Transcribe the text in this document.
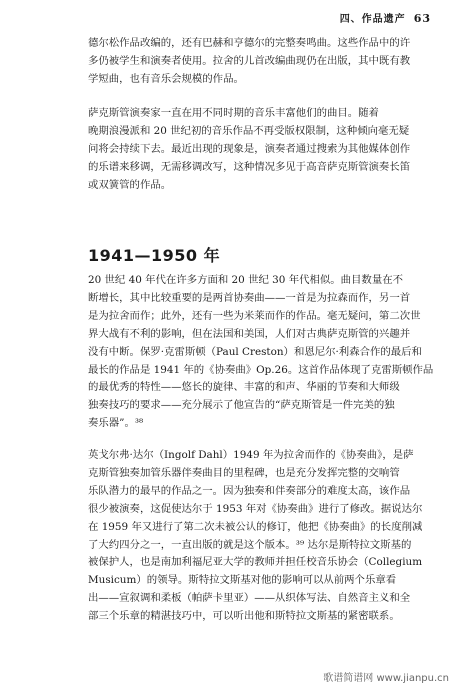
四、作品遗产 63

德尔松作品改编的，还有巴赫和亨德尔的完整奏鸣曲。这些作品中的许
多仍被学生和演奏者使用。拉舍的儿首改编曲现仍在出版，其中既有教
学短曲，也有音乐会规模的作品。

萨克斯管演奏家一直在用不同时期的音乐丰富他们的曲目。随着
晚期浪漫派和 20 世纪初的音乐作品不再受版权限制，这种倾向毫无疑
问将会持续下去。最近出现的现象是，演奏者通过搜索为其他媒体创作
的乐谱来移调，无需移调改写，这种情况多见于高音萨克斯管演奏长笛
或双簧管的作品。

1941—1950 年

20 世纪 40 年代在许多方面和 20 世纪 30 年代相似。曲目数量在不
断增长，其中比较重要的是两首协奏曲——一首是为拉森而作，另一首
是为拉舍而作；此外，还有一些为米莱而作的作品。毫无疑问，第二次世
界大战有不利的影响，但在法国和美国，人们对古典萨克斯管的兴趣并
没有中断。保罗·克雷斯顿（Paul Creston）和恩尼尔·利森合作的最后和
最长的作品是 1941 年的《协奏曲》Op.26。这首作品体现了克雷斯顿作品
的最优秀的特性——悠长的旋律、丰富的和声、华丽的节奏和大师级
独奏技巧的要求——充分展示了他宣告的“萨克斯管是一件完美的独
奏乐器”。³⁸

英戈尔弗·达尔（Ingolf Dahl）1949 年为拉舍而作的《协奏曲》，是萨
克斯管独奏加管乐器伴奏曲目的里程碑，也是充分发挥完整的交响管
乐队潜力的最早的作品之一。因为独奏和伴奏部分的难度太高，该作品
很少被演奏，这促使达尔于 1953 年对《协奏曲》进行了修改。据说达尔
在 1959 年又进行了第二次未被公认的修订，他把《协奏曲》的长度削减
了大约四分之一，一直出版的就是这个版本。³⁹ 达尔是斯特拉文斯基的
被保护人，也是南加利福尼亚大学的教师并担任校音乐协会（Collegium
Musicum）的领导。斯特拉文斯基对他的影响可以从前两个乐章看
出——宣叙调和柔板（帕萨卡里亚）——从织体写法、自然音主义和全
部三个乐章的精湛技巧中，可以听出他和斯特拉文斯基的紧密联系。

歌谱简谱网 www.jianpu.cn
